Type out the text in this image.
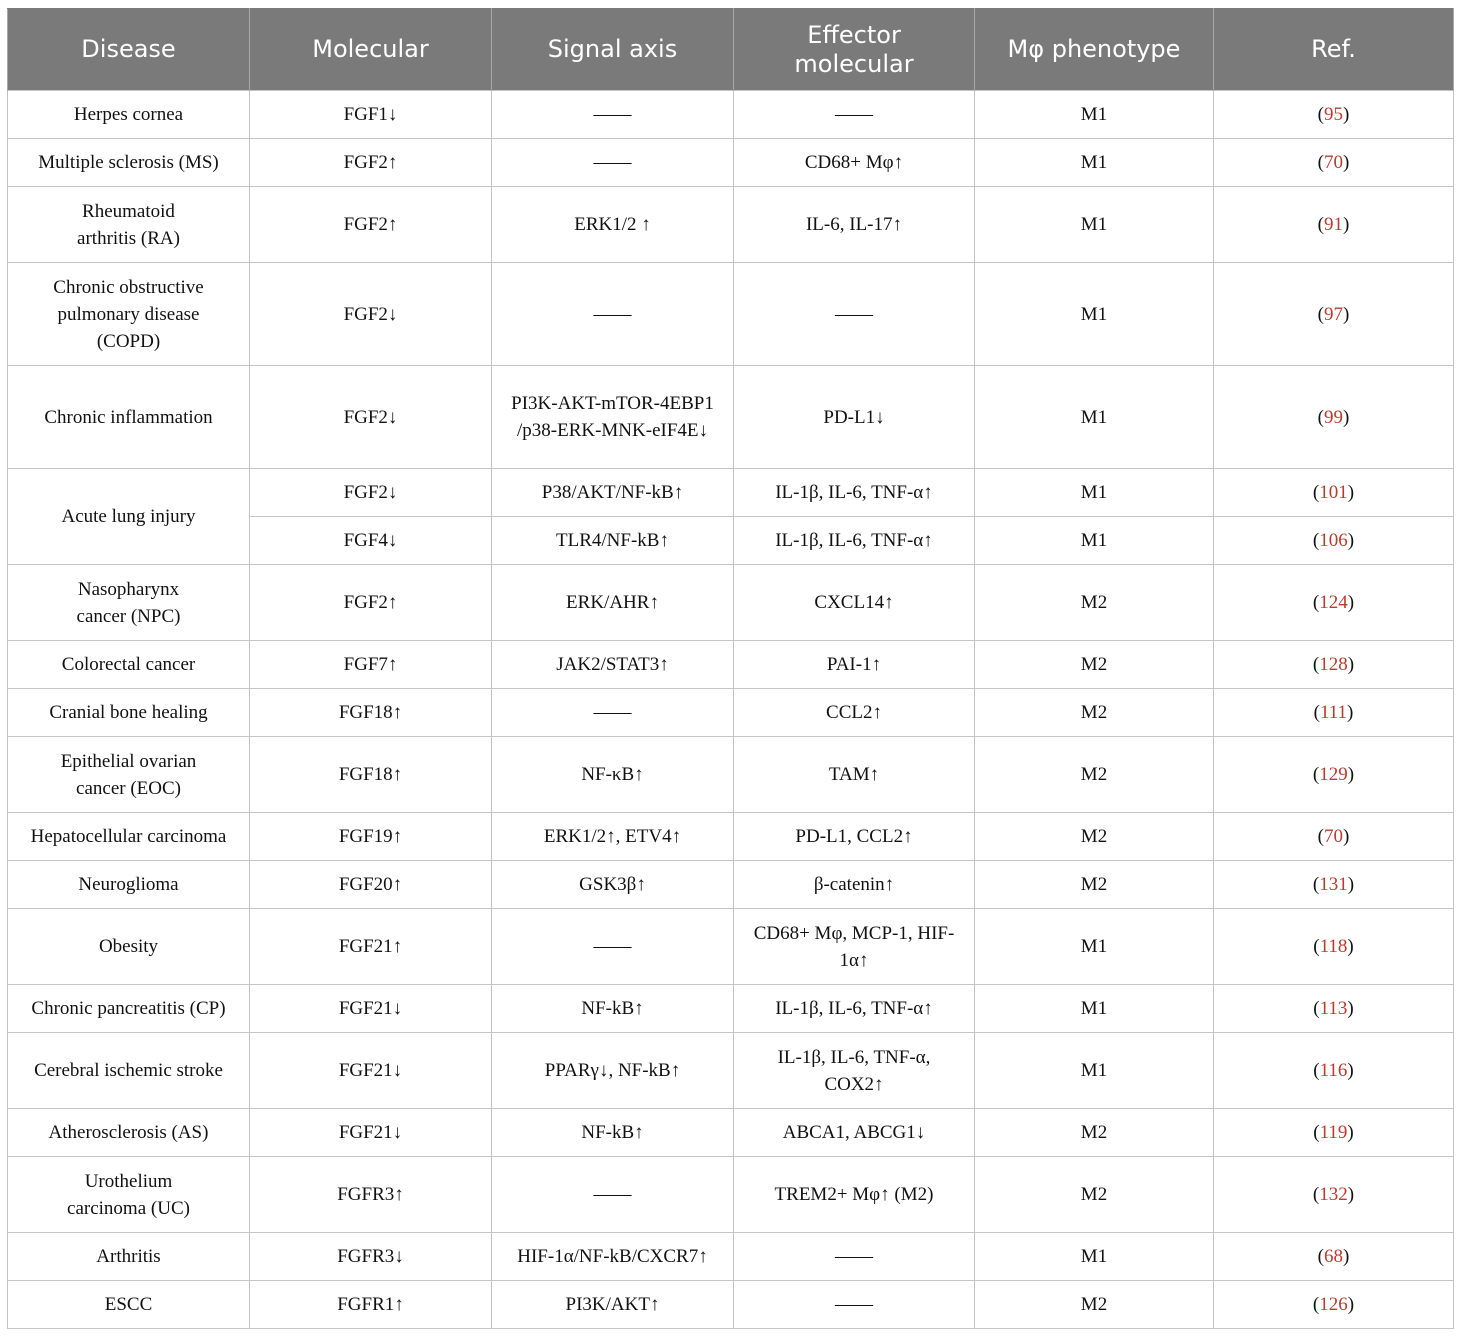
Disease	Molecular	Signal axis	Effector molecular	Mφ phenotype	Ref.
Herpes cornea	FGF1↓	——	——	M1	(95)
Multiple sclerosis (MS)	FGF2↑	——	CD68+ Mφ↑	M1	(70)
Rheumatoid arthritis (RA)	FGF2↑	ERK1/2 ↑	IL-6, IL-17↑	M1	(91)
Chronic obstructive pulmonary disease (COPD)	FGF2↓	——	——	M1	(97)
Chronic inflammation	FGF2↓	PI3K-AKT-mTOR-4EBP1 /p38-ERK-MNK-eIF4E↓	PD-L1↓	M1	(99)
Acute lung injury	FGF2↓	P38/AKT/NF-kB↑	IL-1β, IL-6, TNF-α↑	M1	(101)
	FGF4↓	TLR4/NF-kB↑	IL-1β, IL-6, TNF-α↑	M1	(106)
Nasopharynx cancer (NPC)	FGF2↑	ERK/AHR↑	CXCL14↑	M2	(124)
Colorectal cancer	FGF7↑	JAK2/STAT3↑	PAI-1↑	M2	(128)
Cranial bone healing	FGF18↑	——	CCL2↑	M2	(111)
Epithelial ovarian cancer (EOC)	FGF18↑	NF-κB↑	TAM↑	M2	(129)
Hepatocellular carcinoma	FGF19↑	ERK1/2↑, ETV4↑	PD-L1, CCL2↑	M2	(70)
Neuroglioma	FGF20↑	GSK3β↑	β-catenin↑	M2	(131)
Obesity	FGF21↑	——	CD68+ Mφ, MCP-1, HIF-1α↑	M1	(118)
Chronic pancreatitis (CP)	FGF21↓	NF-kB↑	IL-1β, IL-6, TNF-α↑	M1	(113)
Cerebral ischemic stroke	FGF21↓	PPARγ↓, NF-kB↑	IL-1β, IL-6, TNF-α, COX2↑	M1	(116)
Atherosclerosis (AS)	FGF21↓	NF-kB↑	ABCA1, ABCG1↓	M2	(119)
Urothelium carcinoma (UC)	FGFR3↑	——	TREM2+ Mφ↑ (M2)	M2	(132)
Arthritis	FGFR3↓	HIF-1α/NF-kB/CXCR7↑	——	M1	(68)
ESCC	FGFR1↑	PI3K/AKT↑	——	M2	(126)
